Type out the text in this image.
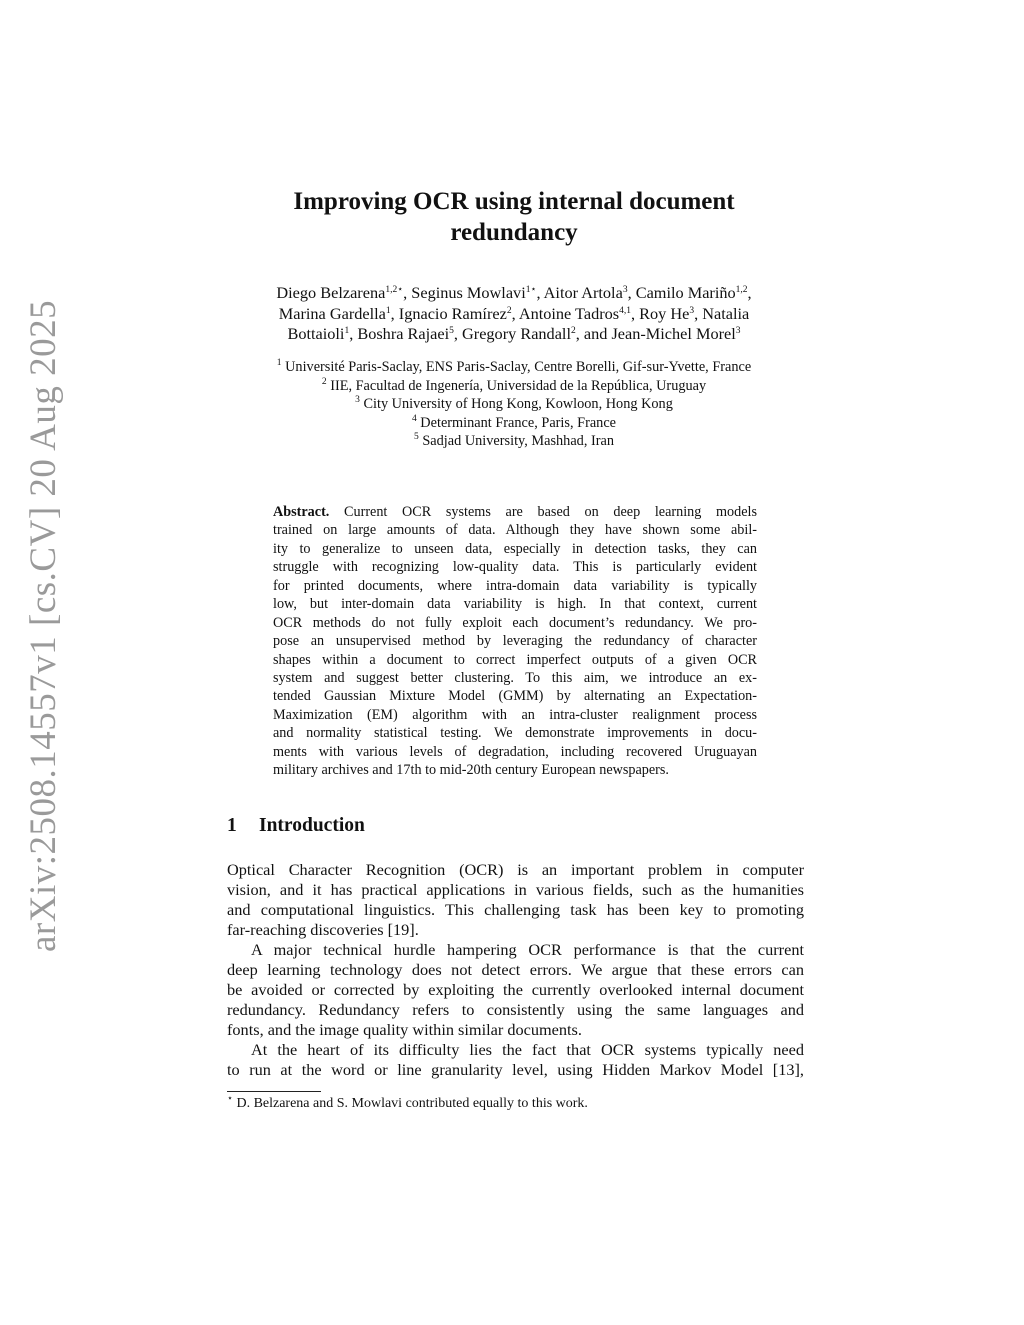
arXiv:2508.14557v1 [cs.CV] 20 Aug 2025
Improving OCR using internal document
redundancy
Diego Belzarena$^{1,2⋆}$, Seginus Mowlavi$^{1⋆}$, Aitor Artola$^3$, Camilo Mariño$^{1,2}$,
Marina Gardella$^1$, Ignacio Ramírez$^2$, Antoine Tadros$^{4,1}$, Roy He$^3$, Natalia
Bottaioli$^1$, Boshra Rajaei$^5$, Gregory Randall$^2$, and Jean-Michel Morel$^3$
$^1$ Université Paris-Saclay, ENS Paris-Saclay, Centre Borelli, Gif-sur-Yvette, France
$^2$ IIE, Facultad de Ingenería, Universidad de la República, Uruguay
$^3$ City University of Hong Kong, Kowloon, Hong Kong
$^4$ Determinant France, Paris, France
$^5$ Sadjad University, Mashhad, Iran
Abstract. Current OCR systems are based on deep learning models
trained on large amounts of data. Although they have shown some abil-
ity to generalize to unseen data, especially in detection tasks, they can
struggle with recognizing low-quality data. This is particularly evident
for printed documents, where intra-domain data variability is typically
low, but inter-domain data variability is high. In that context, current
OCR methods do not fully exploit each document’s redundancy. We pro-
pose an unsupervised method by leveraging the redundancy of character
shapes within a document to correct imperfect outputs of a given OCR
system and suggest better clustering. To this aim, we introduce an ex-
tended Gaussian Mixture Model (GMM) by alternating an Expectation-
Maximization (EM) algorithm with an intra-cluster realignment process
and normality statistical testing. We demonstrate improvements in docu-
ments with various levels of degradation, including recovered Uruguayan
military archives and 17th to mid-20th century European newspapers.
1 Introduction
Optical Character Recognition (OCR) is an important problem in computer
vision, and it has practical applications in various fields, such as the humanities
and computational linguistics. This challenging task has been key to promoting
far-reaching discoveries [19].
A major technical hurdle hampering OCR performance is that the current
deep learning technology does not detect errors. We argue that these errors can
be avoided or corrected by exploiting the currently overlooked internal document
redundancy. Redundancy refers to consistently using the same languages and
fonts, and the image quality within similar documents.
At the heart of its difficulty lies the fact that OCR systems typically need
to run at the word or line granularity level, using Hidden Markov Model [13],
⋆ D. Belzarena and S. Mowlavi contributed equally to this work.
